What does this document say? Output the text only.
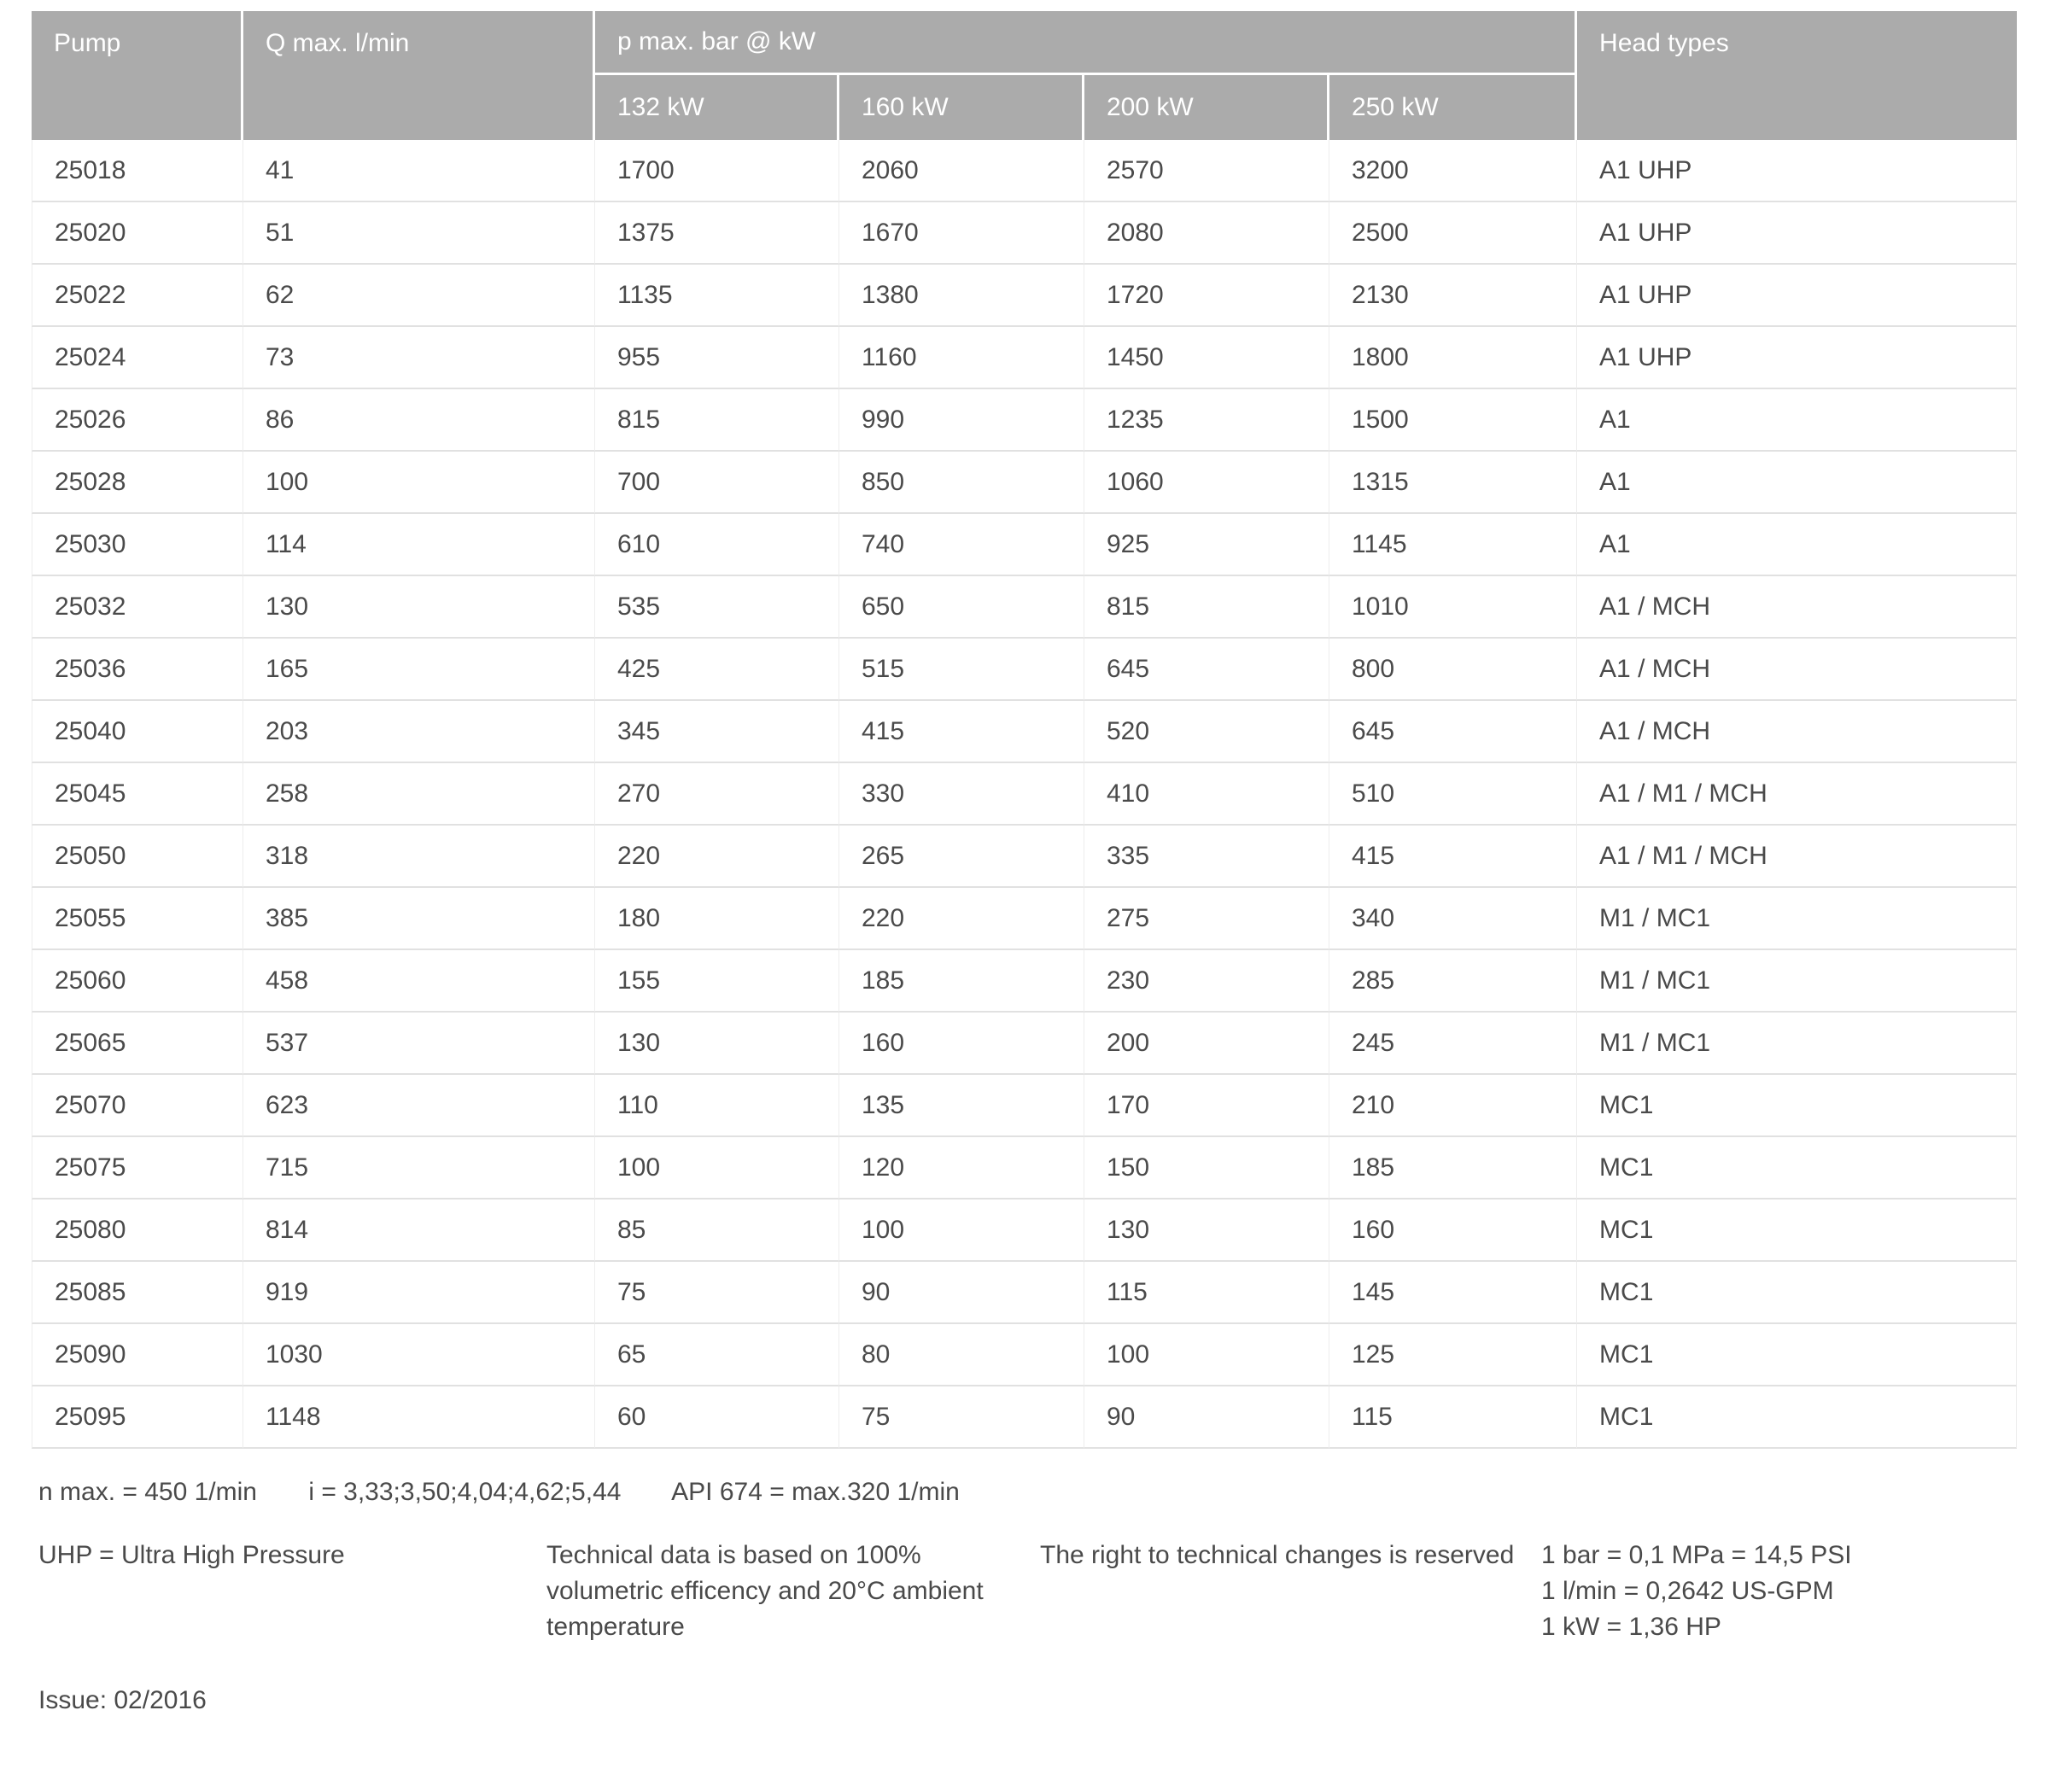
Pump	Q max. l/min	p max. bar @ kW				Head types
		132 kW	160 kW	200 kW	250 kW	
25018	41	1700	2060	2570	3200	A1 UHP
25020	51	1375	1670	2080	2500	A1 UHP
25022	62	1135	1380	1720	2130	A1 UHP
25024	73	955	1160	1450	1800	A1 UHP
25026	86	815	990	1235	1500	A1
25028	100	700	850	1060	1315	A1
25030	114	610	740	925	1145	A1
25032	130	535	650	815	1010	A1 / MCH
25036	165	425	515	645	800	A1 / MCH
25040	203	345	415	520	645	A1 / MCH
25045	258	270	330	410	510	A1 / M1 / MCH
25050	318	220	265	335	415	A1 / M1 / MCH
25055	385	180	220	275	340	M1 / MC1
25060	458	155	185	230	285	M1 / MC1
25065	537	130	160	200	245	M1 / MC1
25070	623	110	135	170	210	MC1
25075	715	100	120	150	185	MC1
25080	814	85	100	130	160	MC1
25085	919	75	90	115	145	MC1
25090	1030	65	80	100	125	MC1
25095	1148	60	75	90	115	MC1
n max. = 450 1/min i = 3,33;3,50;4,04;4,62;5,44 API 674 = max.320 1/min
UHP = Ultra High Pressure	Technical data is based on 100% volumetric efficency and 20°C ambient temperature
The right to technical changes is reserved 1 bar = 0,1 MPa = 14,5 PSI
1 l/min = 0,2642 US-GPM
1 kW = 1,36 HP
Issue: 02/2016
